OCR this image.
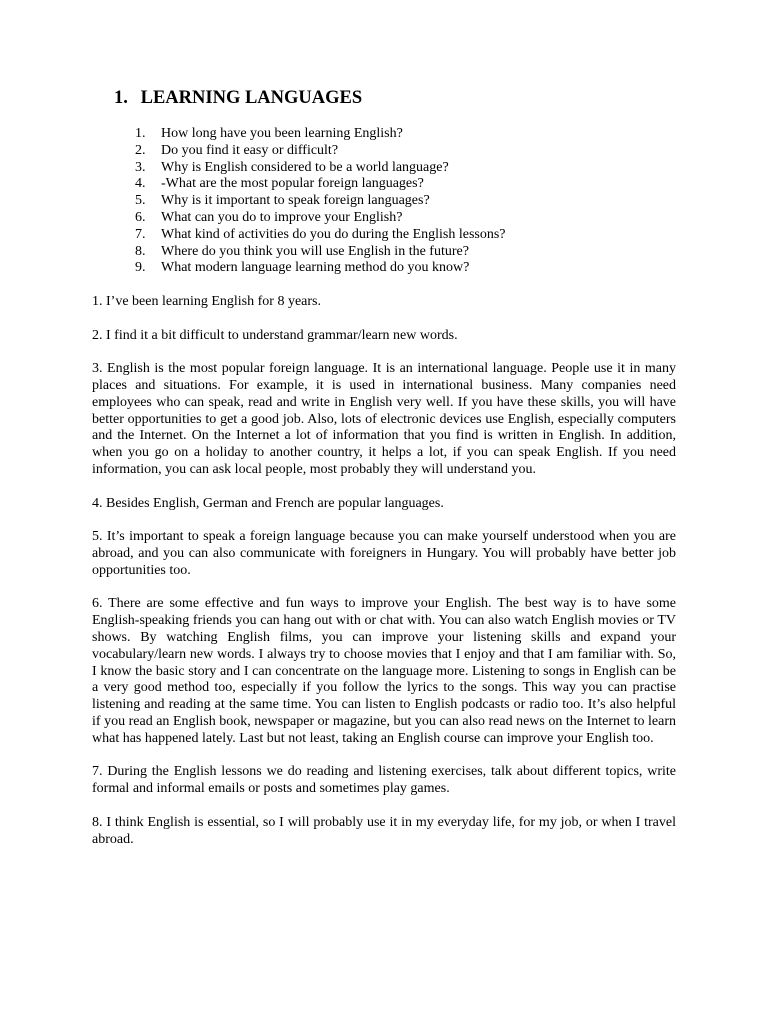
1. LEARNING LANGUAGES
1.	How long have you been learning English?
2.	Do you find it easy or difficult?
3.	Why is English considered to be a world language?
4.	-What are the most popular foreign languages?
5.	Why is it important to speak foreign languages?
6.	What can you do to improve your English?
7.	What kind of activities do you do during the English lessons?
8.	Where do you think you will use English in the future?
9.	What modern language learning method do you know?

1. I’ve been learning English for 8 years.

2. I find it a bit difficult to understand grammar/learn new words.

3. English is the most popular foreign language. It is an international language. People use it in many places and situations. For example, it is used in international business. Many companies need employees who can speak, read and write in English very well. If you have these skills, you will have better opportunities to get a good job. Also, lots of electronic devices use English, especially computers and the Internet. On the Internet a lot of information that you find is written in English. In addition, when you go on a holiday to another country, it helps a lot, if you can speak English. If you need information, you can ask local people, most probably they will understand you.

4. Besides English, German and French are popular languages.

5. It’s important to speak a foreign language because you can make yourself understood when you are abroad, and you can also communicate with foreigners in Hungary. You will probably have better job opportunities too.

6. There are some effective and fun ways to improve your English. The best way is to have some English-speaking friends you can hang out with or chat with. You can also watch English movies or TV shows. By watching English films, you can improve your listening skills and expand your vocabulary/learn new words. I always try to choose movies that I enjoy and that I am familiar with. So, I know the basic story and I can concentrate on the language more. Listening to songs in English can be a very good method too, especially if you follow the lyrics to the songs. This way you can practise listening and reading at the same time. You can listen to English podcasts or radio too. It’s also helpful if you read an English book, newspaper or magazine, but you can also read news on the Internet to learn what has happened lately. Last but not least, taking an English course can improve your English too.

7. During the English lessons we do reading and listening exercises, talk about different topics, write formal and informal emails or posts and sometimes play games.

8. I think English is essential, so I will probably use it in my everyday life, for my job, or when I travel abroad.
